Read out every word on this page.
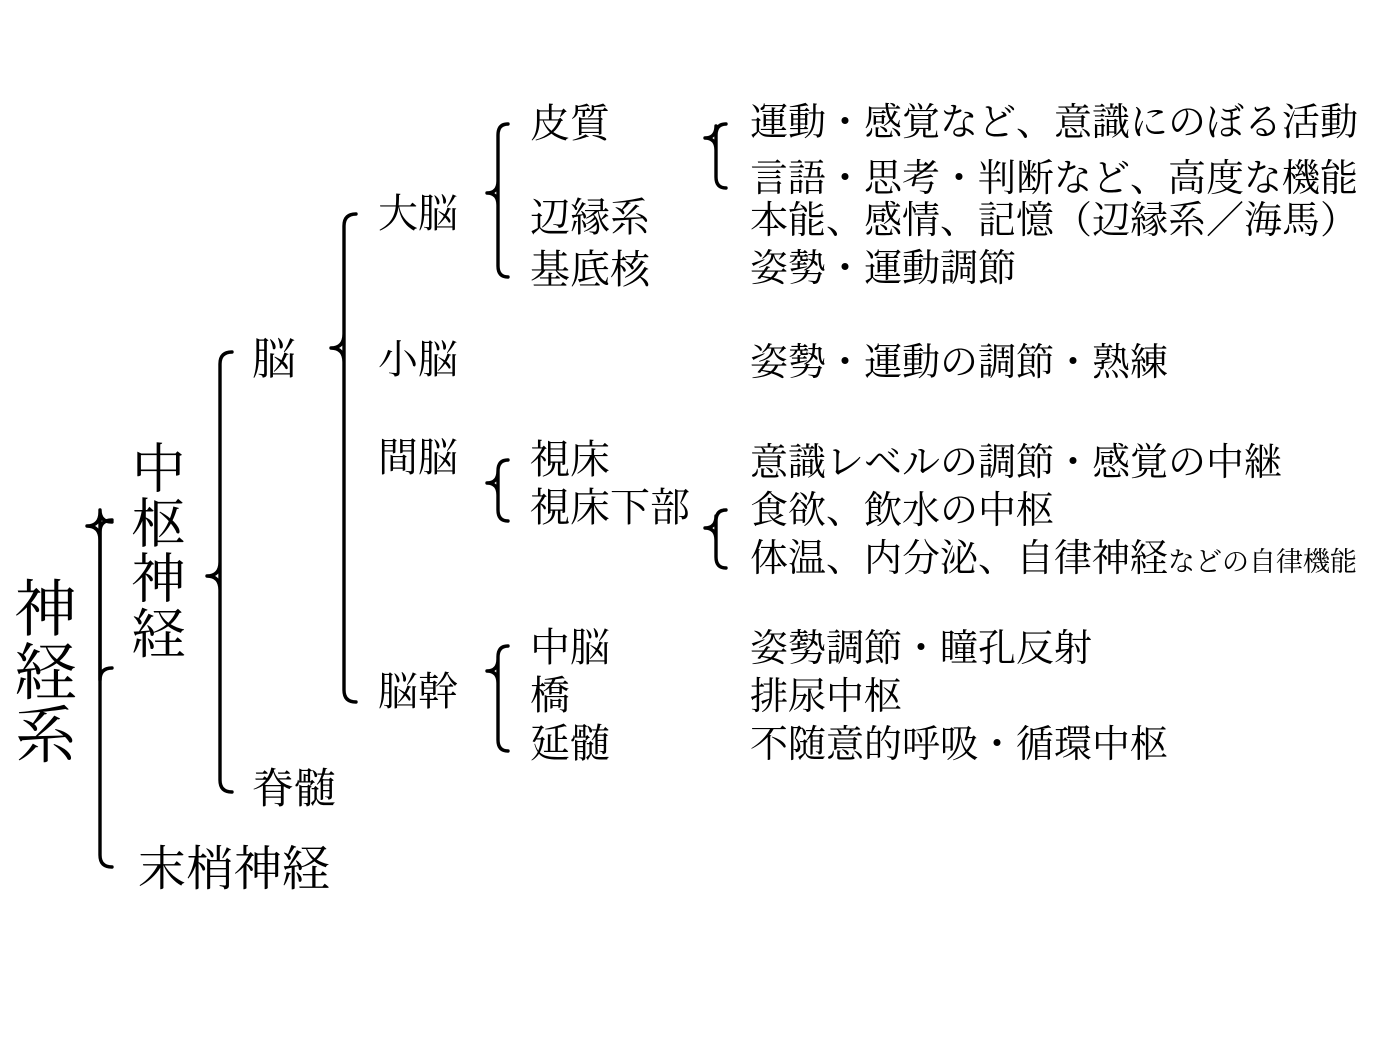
神経系
中枢神経
末梢神経
脳
脊髄
大脳
小脳
間脳
脳幹
皮質
辺縁系
基底核
視床
視床下部
中脳
橋
延髄
運動・感覚など、意識にのぼる活動
言語・思考・判断など、高度な機能
本能、感情、記憶（辺縁系／海馬）
姿勢・運動調節
姿勢・運動の調節・熟練
意識レベルの調節・感覚の中継
食欲、飲水の中枢
体温、内分泌、自律神経などの自律機能
姿勢調節・瞳孔反射
排尿中枢
不随意的呼吸・循環中枢
